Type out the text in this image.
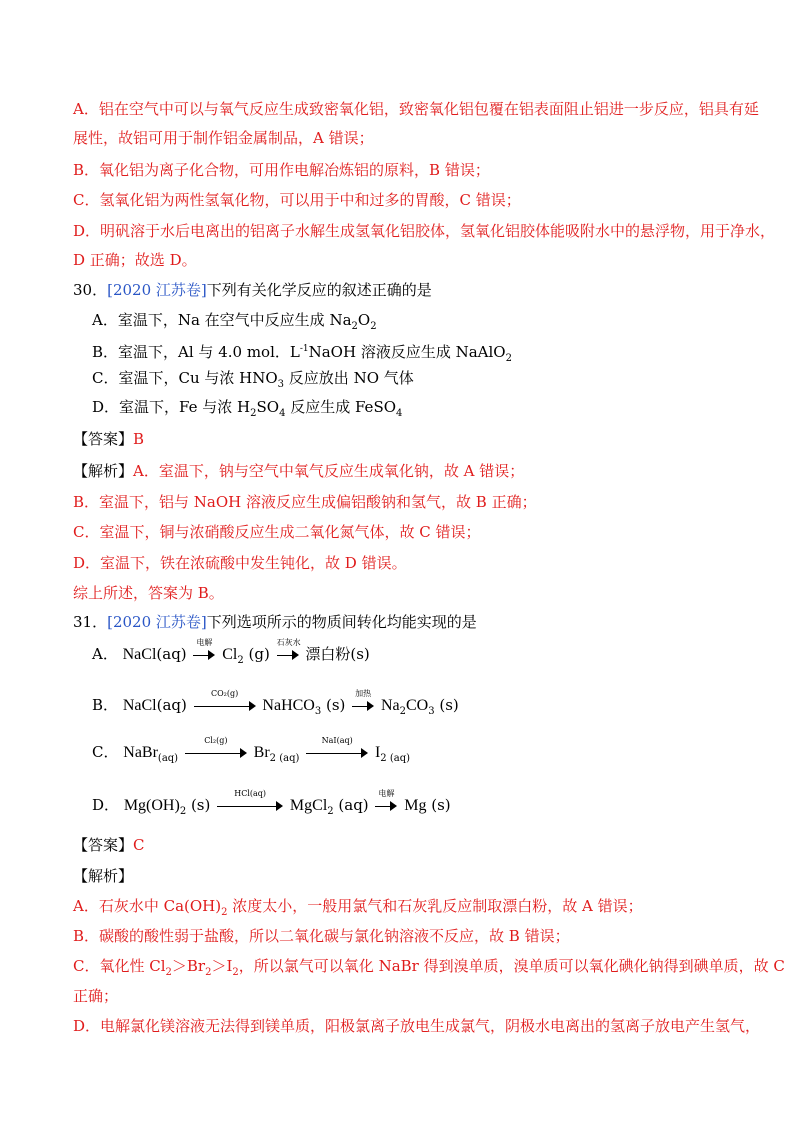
A．铝在空气中可以与氧气反应生成致密氧化铝，致密氧化铝包覆在铝表面阻止铝进一步反应，铝具有延
展性，故铝可用于制作铝金属制品，A 错误；
B．氧化铝为离子化合物，可用作电解冶炼铝的原料，B 错误；
C．氢氧化铝为两性氢氧化物，可以用于中和过多的胃酸，C 错误；
D．明矾溶于水后电离出的铝离子水解生成氢氧化铝胶体，氢氧化铝胶体能吸附水中的悬浮物，用于净水，
D 正确；故选 D。
30．[2020 江苏卷]下列有关化学反应的叙述正确的是
A．室温下，Na 在空气中反应生成 $Na_2O_2$
B．室温下，Al 与 4.0 mol．$L^{-1}NaOH$ 溶液反应生成 NaAlO$_2$
C．室温下，Cu 与浓 $HNO_3$ 反应放出 NO 气体
D．室温下，Fe 与浓 $H_2SO_4$ 反应生成 FeSO$_4$
【答案】B
【解析】A．室温下，钠与空气中氧气反应生成氧化钠，故 A 错误；
B．室温下，铝与 NaOH 溶液反应生成偏铝酸钠和氢气，故 B 正确；
C．室温下，铜与浓硝酸反应生成二氧化氮气体，故 C 错误；
D．室温下，铁在浓硫酸中发生钝化，故 D 错误。
综上所述，答案为 B。
31．[2020 江苏卷]下列选项所示的物质间转化均能实现的是
A． NaCl(aq)
电解
$Cl_2$ (g)
石灰水
漂白粉(s)
B． NaCl(aq)
CO₂(g)
NaHCO$_3$ (s)
加热
$Na_2CO_3$ (s)
C． NaBr$_{(aq)}$
Cl₂(g)
$Br_2$ $_{(aq)}$
NaI(aq)
$I_2$ $_{(aq)}$
D． $Mg(OH)_2$ (s)
HCl(aq)
MgCl$_2$ (aq)
电解
Mg (s)
【答案】C
【解析】
A．石灰水中 $Ca(OH)_2$ 浓度太小，一般用氯气和石灰乳反应制取漂白粉，故 A 错误；
B．碳酸的酸性弱于盐酸，所以二氧化碳与氯化钠溶液不反应，故 B 错误；
C．氧化性 $Cl_2>Br_2>I_2$，所以氯气可以氧化 NaBr 得到溴单质，溴单质可以氧化碘化钠得到碘单质，故 C
正确；
D．电解氯化镁溶液无法得到镁单质，阳极氯离子放电生成氯气，阴极水电离出的氢离子放电产生氢气，
